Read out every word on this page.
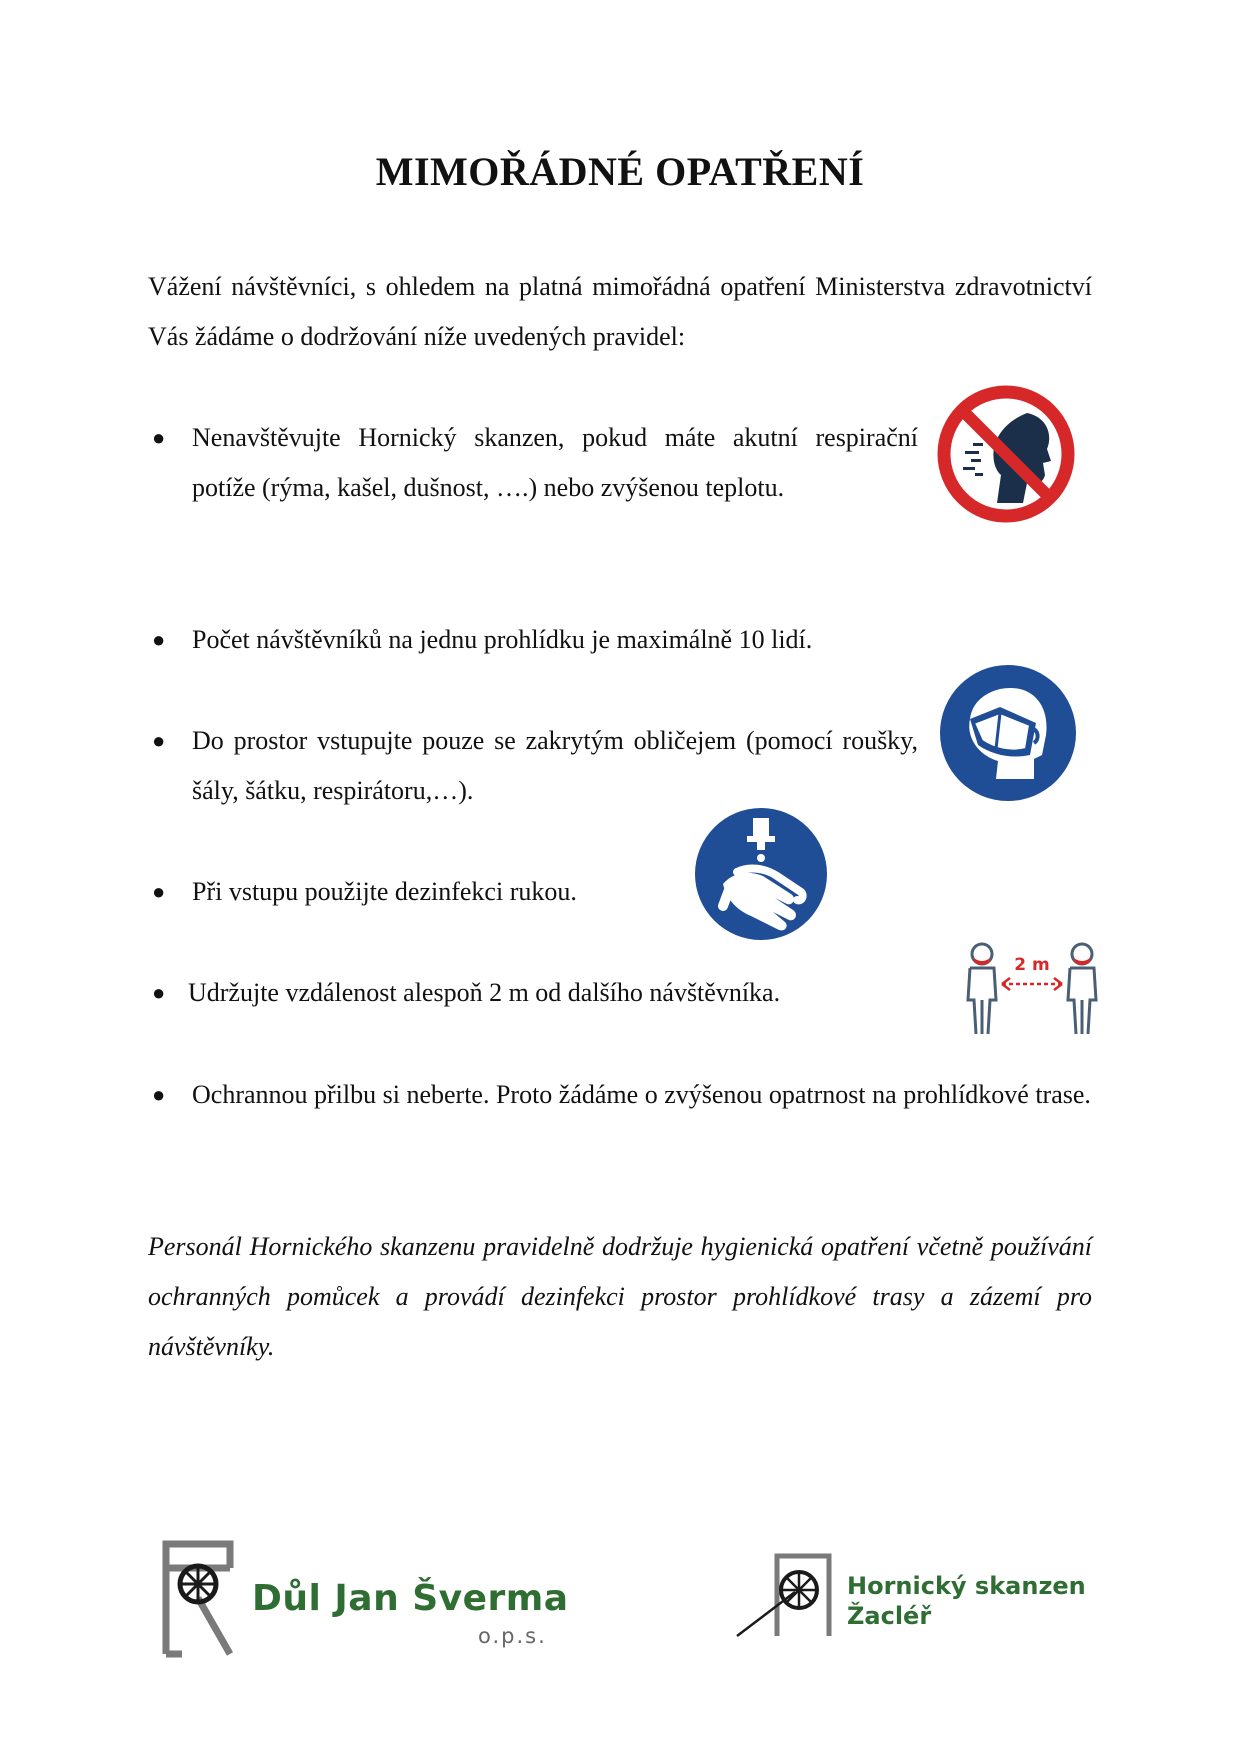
MIMOŘÁDNÉ OPATŘENÍ

Vážení návštěvníci, s ohledem na platná mimořádná opatření Ministerstva zdravotnictví Vás žádáme o dodržování níže uvedených pravidel:

● Nenavštěvujte Hornický skanzen, pokud máte akutní respirační potíže (rýma, kašel, dušnost, ….) nebo zvýšenou teplotu.
● Počet návštěvníků na jednu prohlídku je maximálně 10 lidí.
● Do prostor vstupujte pouze se zakrytým obličejem (pomocí roušky, šály, šátku, respirátoru,…).
● Při vstupu použijte dezinfekci rukou.
● Udržujte vzdálenost alespoň 2 m od dalšího návštěvníka.
● Ochrannou přilbu si neberte. Proto žádáme o zvýšenou opatrnost na prohlídkové trase.

Personál Hornického skanzenu pravidelně dodržuje hygienická opatření včetně používání ochranných pomůcek a provádí dezinfekci prostor prohlídkové trasy a zázemí pro návštěvníky.

2 m
Důl Jan Šverma
o.p.s.
Hornický skanzen
Žacléř
